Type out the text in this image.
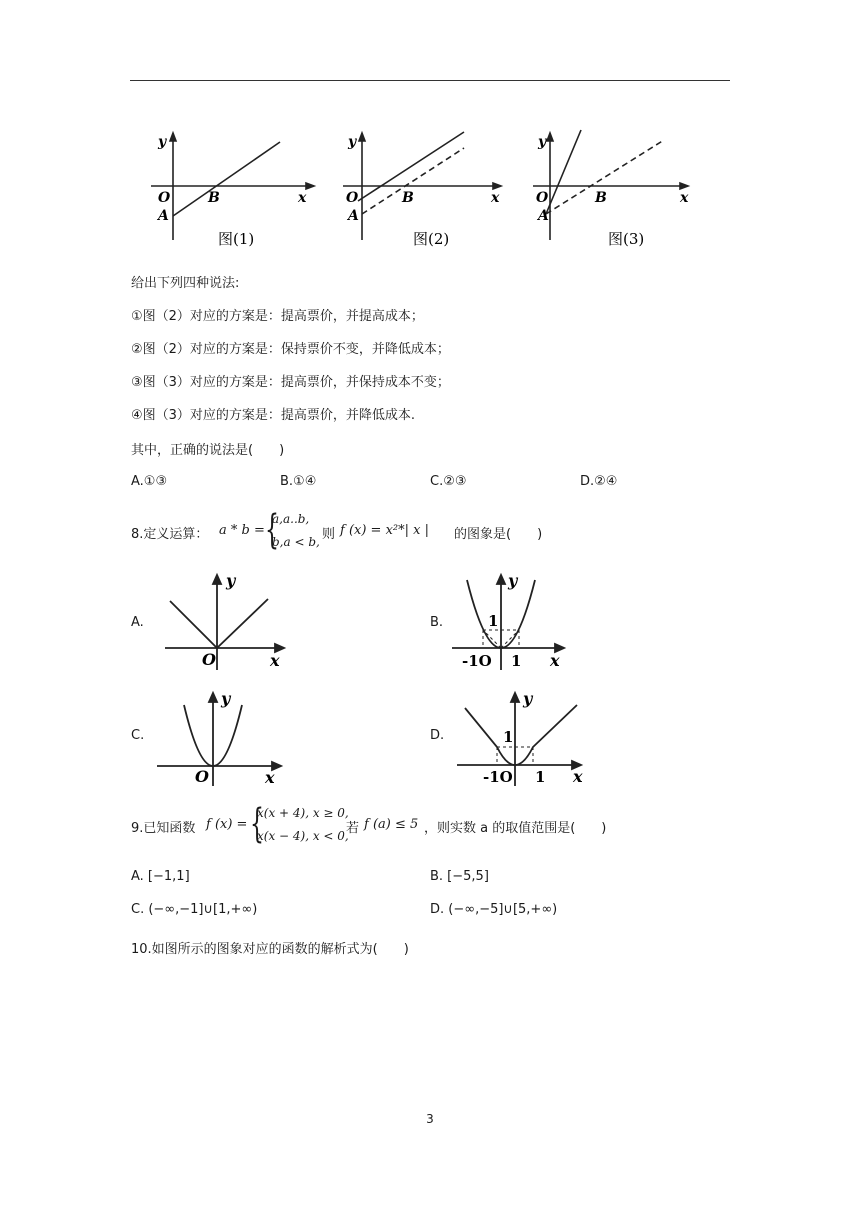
y
x
O
A
B
图(1)
y
x
O
A
B
图(2)
y
x
O
A
B
图(3)
给出下列四种说法:
①图（2）对应的方案是：提高票价，并提高成本；
②图（2）对应的方案是：保持票价不变，并降低成本；
③图（3）对应的方案是：提高票价，并保持成本不变；
④图（3）对应的方案是：提高票价，并降低成本.
其中，正确的说法是(　　)
A.①③	B.①④	C.②③	D.②④
8.定义运算： a * b = {
a,a..b,
b,a < b, 则 f (x) = x²*| x | 的图象是(　　)
A.	B.
C.	D.
y
x
O
1
y
x
-1O 1
y
x
O
1
y
x
-1O 1
9.已知函数 f (x) = {
x(x + 4), x ≥ 0,
x(x − 4), x < 0,
若 f (a) ≤ 5 ，则实数 a 的取值范围是(　　)
A. [−1,1]	B. [−5,5]
C. (−∞,−1]∪[1,+∞)	D. (−∞,−5]∪[5,+∞)
10.如图所示的图象对应的函数的解析式为(　　)
3
